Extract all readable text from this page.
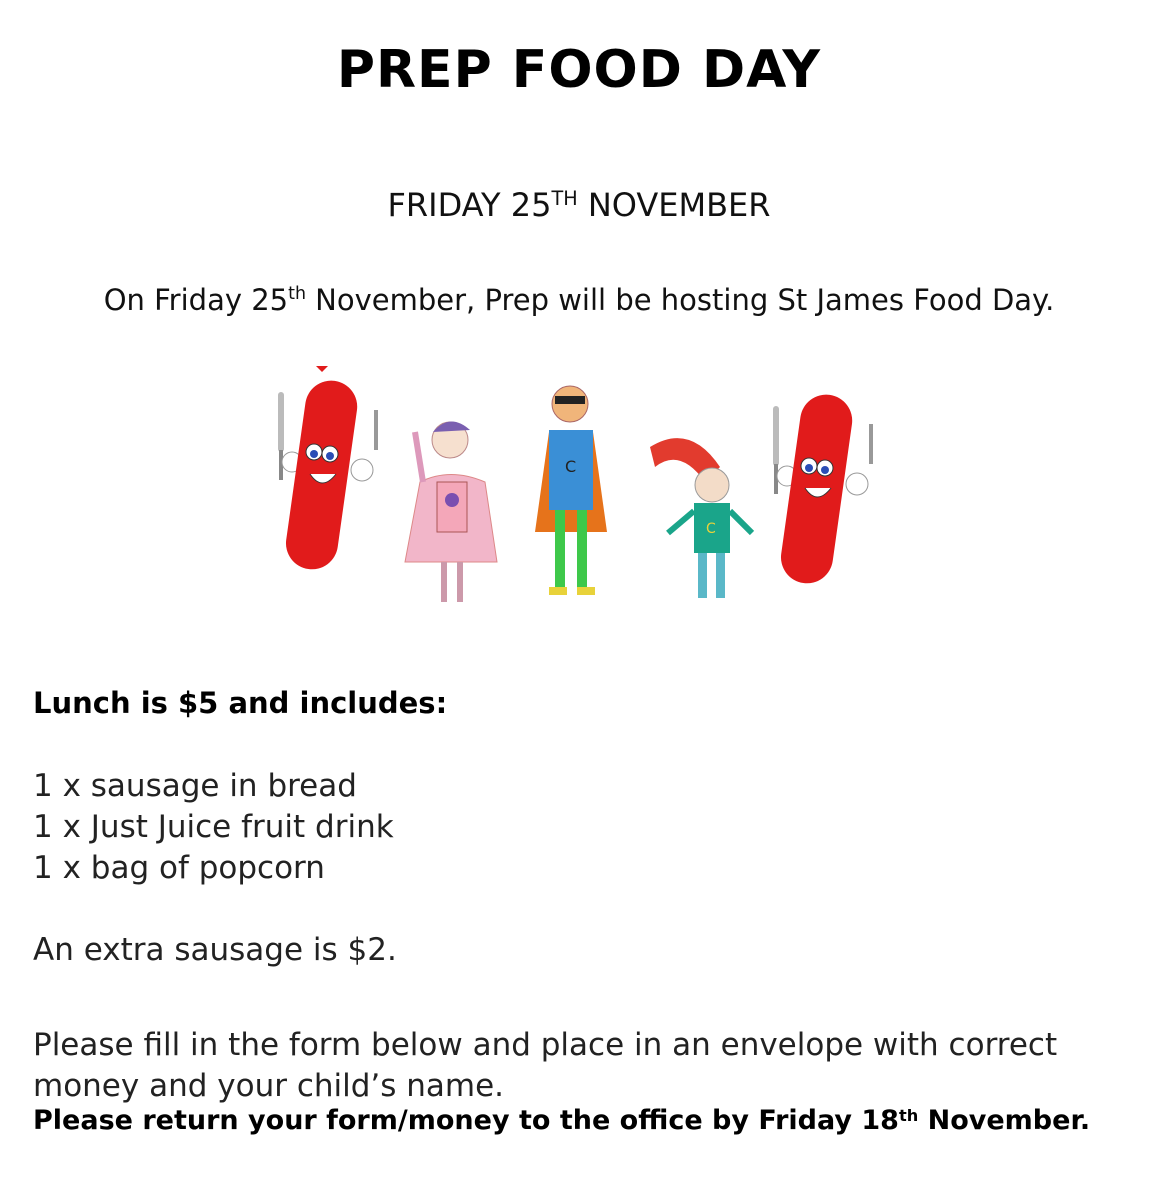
PREP FOOD DAY
FRIDAY 25TH NOVEMBER
On Friday 25th November, Prep will be hosting St James Food Day.
C
C
Lunch is $5 and includes:
1 x sausage in bread
1 x Just Juice fruit drink
1 x bag of popcorn
An extra sausage is $2.
Please fill in the form below and place in an envelope with correct money and your child’s name.
Please return your form/money to the office by Friday 18th November.
